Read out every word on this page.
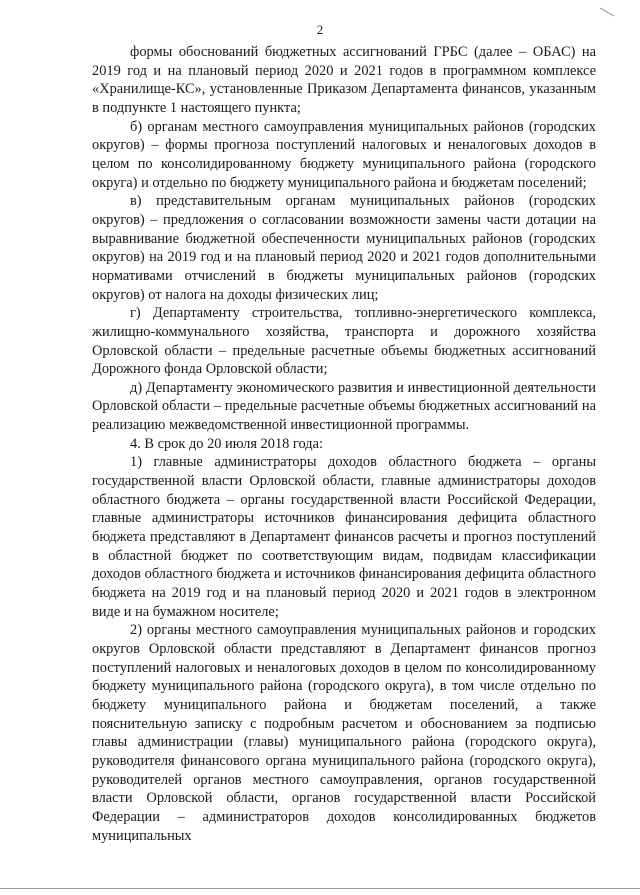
2

формы обоснований бюджетных ассигнований ГРБС (далее – ОБАС) на 2019 год и на плановый период 2020 и 2021 годов в программном комплексе «Хранилище-КС», установленные Приказом Департамента финансов, указанным в подпункте 1 настоящего пункта;

б) органам местного самоуправления муниципальных районов (городских округов) – формы прогноза поступлений налоговых и неналоговых доходов в целом по консолидированному бюджету муниципального района (городского округа) и отдельно по бюджету муниципального района и бюджетам поселений;

в) представительным органам муниципальных районов (городских округов) – предложения о согласовании возможности замены части дотации на выравнивание бюджетной обеспеченности муниципальных районов (городских округов) на 2019 год и на плановый период 2020 и 2021 годов дополнительными нормативами отчислений в бюджеты муниципальных районов (городских округов) от налога на доходы физических лиц;

г) Департаменту строительства, топливно-энергетического комплекса, жилищно-коммунального хозяйства, транспорта и дорожного хозяйства Орловской области – предельные расчетные объемы бюджетных ассигнований Дорожного фонда Орловской области;

д) Департаменту экономического развития и инвестиционной деятельности Орловской области – предельные расчетные объемы бюджетных ассигнований на реализацию межведомственной инвестиционной программы.

4. В срок до 20 июля 2018 года:

1) главные администраторы доходов областного бюджета – органы государственной власти Орловской области, главные администраторы доходов областного бюджета – органы государственной власти Российской Федерации, главные администраторы источников финансирования дефицита областного бюджета представляют в Департамент финансов расчеты и прогноз поступлений в областной бюджет по соответствующим видам, подвидам классификации доходов областного бюджета и источников финансирования дефицита областного бюджета на 2019 год и на плановый период 2020 и 2021 годов в электронном виде и на бумажном носителе;

2) органы местного самоуправления муниципальных районов и городских округов Орловской области представляют в Департамент финансов прогноз поступлений налоговых и неналоговых доходов в целом по консолидированному бюджету муниципального района (городского округа), в том числе отдельно по бюджету муниципального района и бюджетам поселений, а также пояснительную записку с подробным расчетом и обоснованием за подписью главы администрации (главы) муниципального района (городского округа), руководителя финансового органа муниципального района (городского округа), руководителей органов местного самоуправления, органов государственной власти Орловской области, органов государственной власти Российской Федерации – администраторов доходов консолидированных бюджетов муниципальных
